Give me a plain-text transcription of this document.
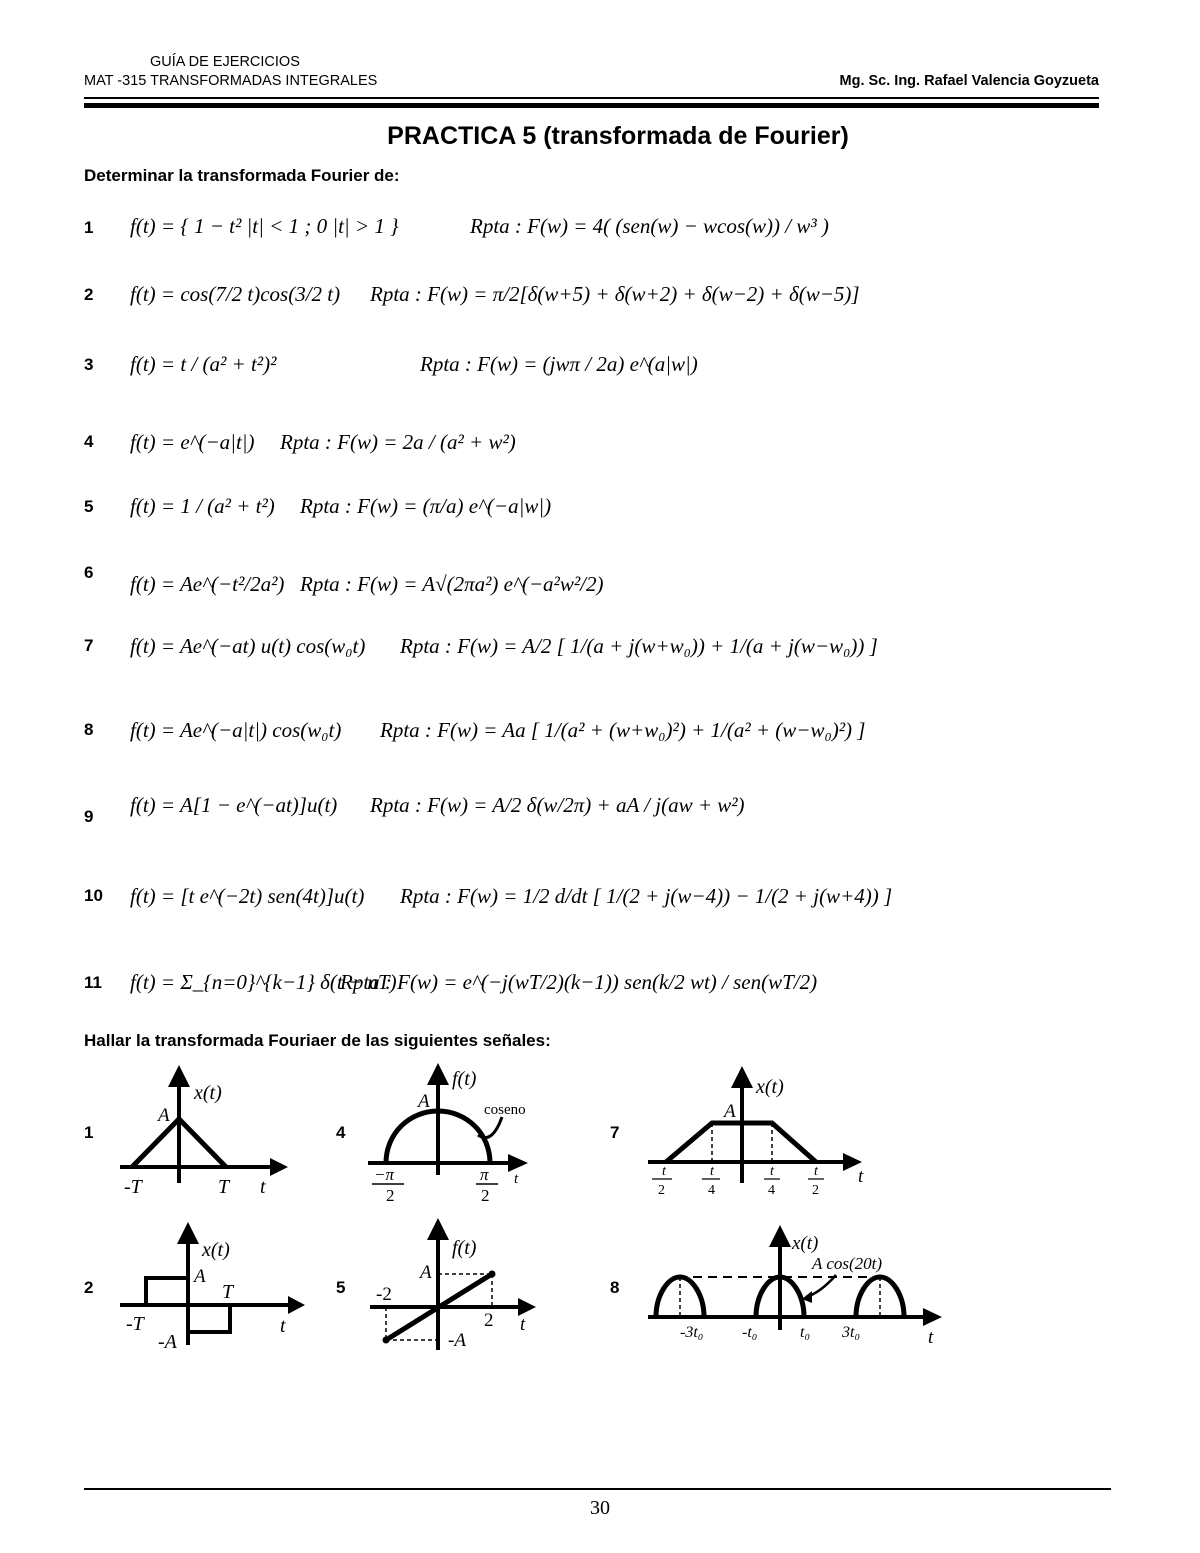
GUÍA DE EJERCICIOS
MAT -315 TRANSFORMADAS INTEGRALES	Mg. Sc. Ing. Rafael Valencia Goyzueta
PRACTICA 5 (transformada de Fourier)
Determinar la transformada Fourier de:
1 f(t) = { 1 − t² |t| < 1 ; 0 |t| > 1 }	Rpta : F(w) = 4( (sen(w) − wcos(w)) / w³ )
2 f(t) = cos(7/2 t)cos(3/2 t) Rpta : F(w) = π/2[δ(w+5) + δ(w+2) + δ(w−2) + δ(w−5)]
3 f(t) = t / (a² + t²)²	Rpta : F(w) = (jwπ / 2a) e^(a|w|)
4 f(t) = e^(−a|t|) Rpta : F(w) = 2a / (a² + w²)
5 f(t) = 1 / (a² + t²) Rpta : F(w) = (π/a) e^(−a|w|)
6 f(t) = Ae^(−t²/2a²) Rpta : F(w) = A√(2πa²) e^(−a²w²/2)
7 f(t) = Ae^(−at) u(t) cos(w₀t) Rpta : F(w) = A/2 [ 1/(a + j(w+w₀)) + 1/(a + j(w−w₀)) ]
8 f(t) = Ae^(−a|t|) cos(w₀t) Rpta : F(w) = Aa [ 1/(a² + (w+w₀)²) + 1/(a² + (w−w₀)²) ]
9 f(t) = A[1 − e^(−at)]u(t) Rpta : F(w) = A/2 δ(w/2π) + aA / j(aw + w²)
10 f(t) = [t e^(−2t) sen(4t)]u(t) Rpta : F(w) = 1/2 d/dt [ 1/(2 + j(w−4)) − 1/(2 + j(w+4)) ]
11 f(t) = Σ_{n=0}^{k−1} δ(t − nT)
Rpta : F(w) = e^(−j(wT/2)(k−1)) sen(k/2 wt) / sen(wT/2)
Hallar la transformada Fouriaer de las siguientes señales:
1
x(t)
A
-T	T t
2
x(t)
A
T
-T
-A
t
4
f(t)
A	coseno
−π
2
π
2
t
5
f(t)
A
-2
2
-A
t
7
x(t)
A
t
2
t
4
t
4
t
2
t
8
x(t)
A cos(20t)
-3t₀ -t₀	t₀ 3t₀	t
30
